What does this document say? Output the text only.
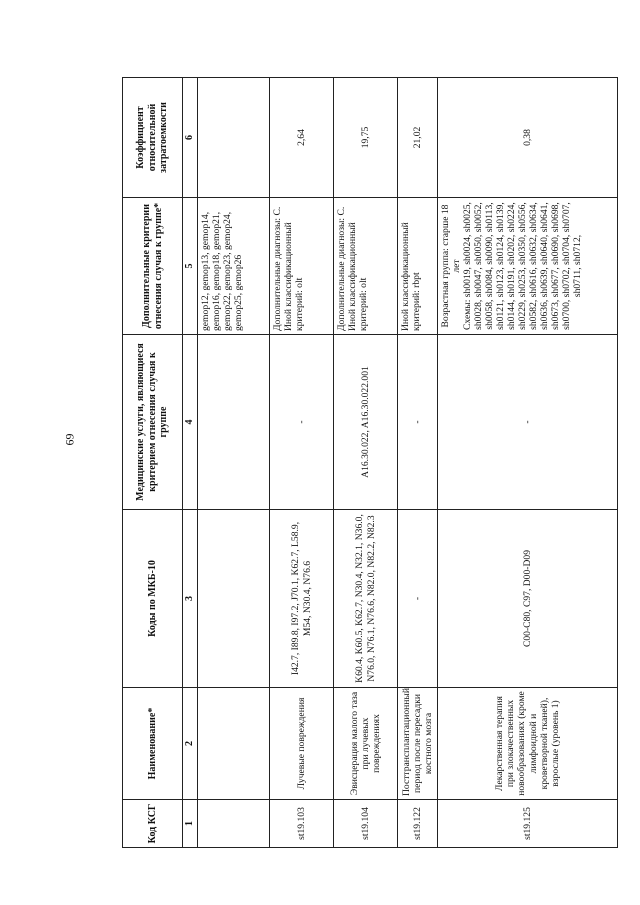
69
Код КСГ	Наименование*	Коды по МКБ-10	Медицинские услуги, являющиеся критерием отнесения случая к группе	Дополнительные критерии отнесения случая к группе*	Коэффициент относительной затратоемкости
1	2	3	4	5	6
				gemop12, gemop13, gemop14, gemop16, gemop18, gemop21, gemop22, gemop23, gemop24, gemop25, gemop26	
st19.103	Лучевые повреждения	I42.7, I89.8, I97.2, J70.1, K62.7, L58.9, M54, N30.4, N76.6	-	Дополнительные диагнозы: C. Иной классификационный критерий: olt	2,64
st19.104	Эвисцерация малого таза при лучевых повреждениях	K60.4, K60.5, K62.7, N30.4, N32.1, N36.0, N76.0, N76.1, N76.6, N82.0, N82.2, N82.3	A16.30.022, A16.30.022.001	Дополнительные диагнозы: C. Иной классификационный критерий: olt	19,75
st19.122	Посттрансплантационный период после пересадки костного мозга	-	-	Иной классификационный критерий: rbpt	21,02
st19.125	Лекарственная терапия при злокачественных новообразованиях (кроме лимфоидной и кроветворной тканей), взрослые (уровень 1)	C00-C80, C97, D00-D09	-	Возрастная группа: старше 18 лет Схемы: sh0019, sh0024, sh0025, sh0028, sh0047, sh0050, sh0052, sh0058, sh0084, sh0090, sh0113, sh0121, sh0123, sh0124, sh0139, sh0144, sh0191, sh0202, sh0224, sh0229, sh0253, sh0350, sh0556, sh0582, sh0616, sh0632, sh0634, sh0636, sh0639, sh0640, sh0641, sh0673, sh0677, sh0690, sh0698, sh0700, sh0702, sh0704, sh0707, sh0711, sh0712,	0,38
